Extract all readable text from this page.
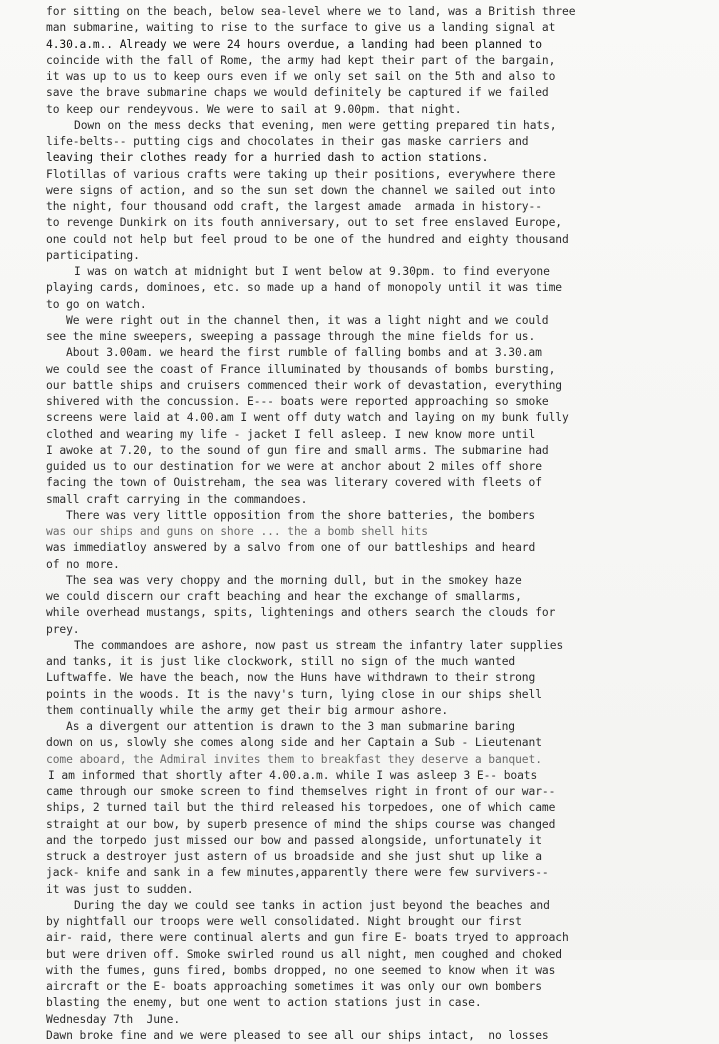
for sitting on the beach, below sea-level where we to land, was a British three
man submarine, waiting to rise to the surface to give us a landing signal at
4.30.a.m.. Already we were 24 hours overdue, a landing had been planned to
coincide with the fall of Rome, the army had kept their part of the bargain,
it was up to us to keep ours even if we only set sail on the 5th and also to
save the brave submarine chaps we would definitely be captured if we failed
to keep our rendeyvous. We were to sail at 9.00pm. that night.
Down on the mess decks that evening, men were getting prepared tin hats,
life-belts-- putting cigs and chocolates in their gas maske carriers and
leaving their clothes ready for a hurried dash to action stations.
Flotillas of various crafts were taking up their positions, everywhere there
were signs of action, and so the sun set down the channel we sailed out into
the night, four thousand odd craft, the largest amade  armada in history--
to revenge Dunkirk on its fouth anniversary, out to set free enslaved Europe,
one could not help but feel proud to be one of the hundred and eighty thousand
participating.
I was on watch at midnight but I went below at 9.30pm. to find everyone
playing cards, dominoes, etc. so made up a hand of monopoly until it was time
to go on watch.
We were right out in the channel then, it was a light night and we could
see the mine sweepers, sweeping a passage through the mine fields for us.
About 3.00am. we heard the first rumble of falling bombs and at 3.30.am
we could see the coast of France illuminated by thousands of bombs bursting,
our battle ships and cruisers commenced their work of devastation, everything
shivered with the concussion. E--- boats were reported approaching so smoke
screens were laid at 4.00.am I went off duty watch and laying on my bunk fully
clothed and wearing my life - jacket I fell asleep. I new know more until
I awoke at 7.20, to the sound of gun fire and small arms. The submarine had
guided us to our destination for we were at anchor about 2 miles off shore
facing the town of Ouistreham, the sea was literary covered with fleets of
small craft carrying in the commandoes.
There was very little opposition from the shore batteries, the bombers
was our ships and guns on shore ... the a bomb shell hits
was immediatloy answered by a salvo from one of our battleships and heard
of no more.
The sea was very choppy and the morning dull, but in the smokey haze
we could discern our craft beaching and hear the exchange of smallarms,
while overhead mustangs, spits, lightenings and others search the clouds for
prey.
The commandoes are ashore, now past us stream the infantry later supplies
and tanks, it is just like clockwork, still no sign of the much wanted
Luftwaffe. We have the beach, now the Huns have withdrawn to their strong
points in the woods. It is the navy's turn, lying close in our ships shell
them continually while the army get their big armour ashore.
As a divergent our attention is drawn to the 3 man submarine baring
down on us, slowly she comes along side and her Captain a Sub - Lieutenant
come aboard, the Admiral invites them to breakfast they deserve a banquet.
I am informed that shortly after 4.00.a.m. while I was asleep 3 E-- boats
came through our smoke screen to find themselves right in front of our war--
ships, 2 turned tail but the third released his torpedoes, one of which came
straight at our bow, by superb presence of mind the ships course was changed
and the torpedo just missed our bow and passed alongside, unfortunately it
struck a destroyer just astern of us broadside and she just shut up like a
jack- knife and sank in a few minutes,apparently there were few survivers--
it was just to sudden.
During the day we could see tanks in action just beyond the beaches and
by nightfall our troops were well consolidated. Night brought our first
air- raid, there were continual alerts and gun fire E- boats tryed to approach
but were driven off. Smoke swirled round us all night, men coughed and choked
with the fumes, guns fired, bombs dropped, no one seemed to know when it was
aircraft or the E- boats approaching sometimes it was only our own bombers
blasting the enemy, but one went to action stations just in case.
Wednesday 7th  June.
Dawn broke fine and we were pleased to see all our ships intact,  no losses
